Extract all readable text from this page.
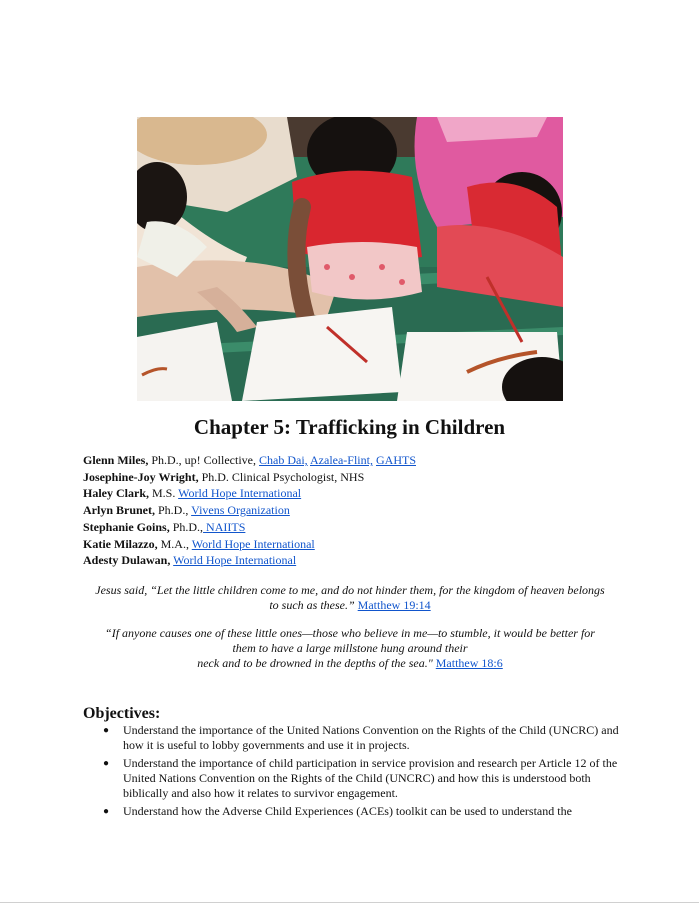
Chapter 5: Trafficking in Children
Glenn Miles, Ph.D., up! Collective, Chab Dai, Azalea-Flint, GAHTS
Josephine-Joy Wright, Ph.D. Clinical Psychologist, NHS
Haley Clark, M.S. World Hope International
Arlyn Brunet, Ph.D., Vivens Organization
Stephanie Goins, Ph.D., NAIITS
Katie Milazzo, M.A., World Hope International
Adesty Dulawan, World Hope International
Jesus said, “Let the little children come to me, and do not hinder them, for the kingdom of heaven belongs
to such as these.” Matthew 19:14
“If anyone causes one of these little ones—those who believe in me—to stumble, it would be better for
them to have a large millstone hung around their
neck and to be drowned in the depths of the sea." Matthew 18:6
Objectives:
● Understand the importance of the United Nations Convention on the Rights of the Child (UNCRC) and how it is useful to lobby governments and use it in projects.
● Understand the importance of child participation in service provision and research per Article 12 of the United Nations Convention on the Rights of the Child (UNCRC) and how this is understood both biblically and also how it relates to survivor engagement.
● Understand how the Adverse Child Experiences (ACEs) toolkit can be used to understand the
